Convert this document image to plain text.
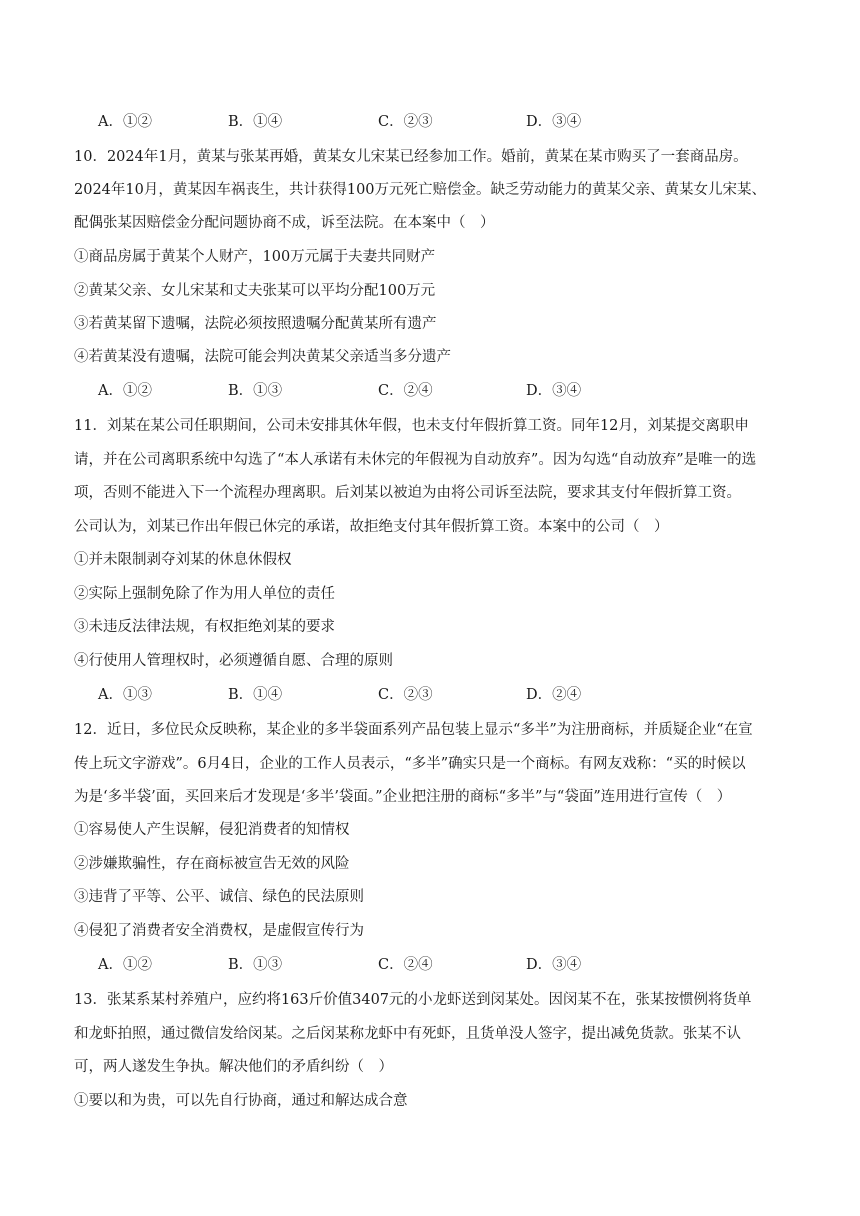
A．①②	B．①④	C．②③	D．③④
10．2024年1月，黄某与张某再婚，黄某女儿宋某已经参加工作。婚前，黄某在某市购买了一套商品房。
2024年10月，黄某因车祸丧生，共计获得100万元死亡赔偿金。缺乏劳动能力的黄某父亲、黄某女儿宋某、
配偶张某因赔偿金分配问题协商不成，诉至法院。在本案中（　）
①商品房属于黄某个人财产，100万元属于夫妻共同财产
②黄某父亲、女儿宋某和丈夫张某可以平均分配100万元
③若黄某留下遗嘱，法院必须按照遗嘱分配黄某所有遗产
④若黄某没有遗嘱，法院可能会判决黄某父亲适当多分遗产
A．①②	B．①③	C．②④	D．③④
11．刘某在某公司任职期间，公司未安排其休年假，也未支付年假折算工资。同年12月，刘某提交离职申
请，并在公司离职系统中勾选了“本人承诺有未休完的年假视为自动放弃”。因为勾选“自动放弃”是唯一的选
项，否则不能进入下一个流程办理离职。后刘某以被迫为由将公司诉至法院，要求其支付年假折算工资。
公司认为，刘某已作出年假已休完的承诺，故拒绝支付其年假折算工资。本案中的公司（　）
①并未限制剥夺刘某的休息休假权
②实际上强制免除了作为用人单位的责任
③未违反法律法规，有权拒绝刘某的要求
④行使用人管理权时，必须遵循自愿、合理的原则
A．①③	B．①④	C．②③	D．②④
12．近日，多位民众反映称，某企业的多半袋面系列产品包装上显示“多半”为注册商标，并质疑企业“在宣
传上玩文字游戏”。6月4日，企业的工作人员表示，“多半”确实只是一个商标。有网友戏称：“买的时候以
为是‘多半袋’面，买回来后才发现是‘多半’袋面。”企业把注册的商标“多半”与“袋面”连用进行宣传（　）
①容易使人产生误解，侵犯消费者的知情权
②涉嫌欺骗性，存在商标被宣告无效的风险
③违背了平等、公平、诚信、绿色的民法原则
④侵犯了消费者安全消费权，是虚假宣传行为
A．①②	B．①③	C．②④	D．③④
13．张某系某村养殖户，应约将163斤价值3407元的小龙虾送到闵某处。因闵某不在，张某按惯例将货单
和龙虾拍照，通过微信发给闵某。之后闵某称龙虾中有死虾，且货单没人签字，提出减免货款。张某不认
可，两人遂发生争执。解决他们的矛盾纠纷（　）
①要以和为贵，可以先自行协商，通过和解达成合意
